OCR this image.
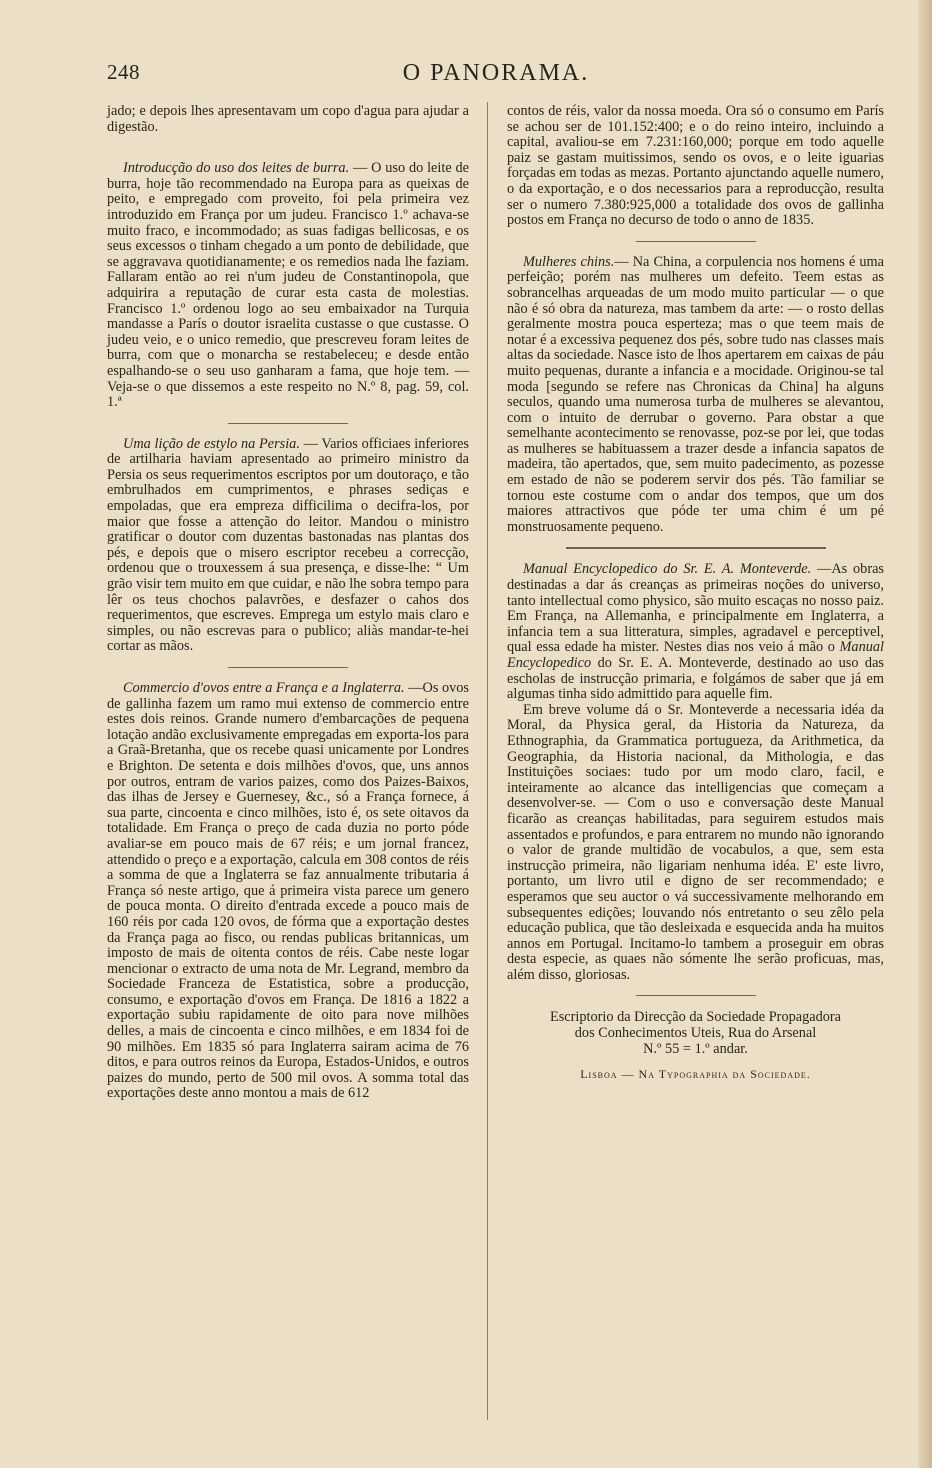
248	O PANORAMA.

jado; e depois lhes apresentavam um copo d'agua para ajudar a digestão.

Introducção do uso dos leites de burra. — O uso do leite de burra, hoje tão recommendado na Europa para as queixas de peito, e empregado com proveito, foi pela primeira vez introduzido em França por um judeu. Francisco 1.º achava-se muito fraco, e incommodado; as suas fadigas bellicosas, e os seus excessos o tinham chegado a um ponto de debilidade, que se aggravava quotidianamente; e os remedios nada lhe faziam. Fallaram então ao rei n'um judeu de Constantinopola, que adquirira a reputação de curar esta casta de molestias. Francisco 1.º ordenou logo ao seu embaixador na Turquia mandasse a París o doutor israelita custasse o que custasse. O judeu veio, e o unico remedio, que prescreveu foram leites de burra, com que o monarcha se restabeleceu; e desde então espalhando-se o seu uso ganharam a fama, que hoje tem. — Veja-se o que dissemos a este respeito no N.º 8, pag. 59, col. 1.ª

Uma lição de estylo na Persia. — Varios officiaes inferiores de artilharia haviam apresentado ao primeiro ministro da Persia os seus requerimentos escriptos por um doutoraço, e tão embrulhados em cumprimentos, e phrases sediças e empoladas, que era empreza difficilima o decifra-los, por maior que fosse a attenção do leitor. Mandou o ministro gratificar o doutor com duzentas bastonadas nas plantas dos pés, e depois que o misero escriptor recebeu a correcção, ordenou que o trouxessem á sua presença, e disse-lhe: “ Um grão visir tem muito em que cuidar, e não lhe sobra tempo para lêr os teus chochos palavrões, e desfazer o cahos dos requerimentos, que escreves. Emprega um estylo mais claro e simples, ou não escrevas para o publico; aliàs mandar-te-hei cortar as mãos.

Commercio d'ovos entre a França e a Inglaterra. —Os ovos de gallinha fazem um ramo mui extenso de commercio entre estes dois reinos. Grande numero d'embarcações de pequena lotação andão exclusivamente empregadas em exporta-los para a Graã-Bretanha, que os recebe quasi unicamente por Londres e Brighton. De setenta e dois milhões d'ovos, que, uns annos por outros, entram de varios paizes, como dos Paizes-Baixos, das ilhas de Jersey e Guernesey, &c., só a França fornece, á sua parte, cincoenta e cinco milhões, isto é, os sete oitavos da totalidade. Em França o preço de cada duzia no porto póde avaliar-se em pouco mais de 67 réis; e um jornal francez, attendido o preço e a exportação, calcula em 308 contos de réis a somma de que a Inglaterra se faz annualmente tributaria á França só neste artigo, que á primeira vista parece um genero de pouca monta. O direito d'entrada excede a pouco mais de 160 réis por cada 120 ovos, de fórma que a exportação destes da França paga ao fisco, ou rendas publicas britannicas, um imposto de mais de oitenta contos de réis. Cabe neste logar mencionar o extracto de uma nota de Mr. Legrand, membro da Sociedade Franceza de Estatistica, sobre a producção, consumo, e exportação d'ovos em França. De 1816 a 1822 a exportação subiu rapidamente de oito para nove milhões delles, a mais de cincoenta e cinco milhões, e em 1834 foi de 90 milhões. Em 1835 só para Inglaterra sairam acima de 76 ditos, e para outros reinos da Europa, Estados-Unidos, e outros paizes do mundo, perto de 500 mil ovos. A somma total das exportações deste anno montou a mais de 612

contos de réis, valor da nossa moeda. Ora só o consumo em París se achou ser de 101.152:400; e o do reino inteiro, incluindo a capital, avaliou-se em 7.231:160,000; porque em todo aquelle paiz se gastam muitissimos, sendo os ovos, e o leite iguarias forçadas em todas as mezas. Portanto ajunctando aquelle numero, o da exportação, e o dos necessarios para a reproducção, resulta ser o numero 7.380:925,000 a totalidade dos ovos de gallinha postos em França no decurso de todo o anno de 1835.

Mulheres chins.— Na China, a corpulencia nos homens é uma perfeição; porém nas mulheres um defeito. Teem estas as sobrancelhas arqueadas de um modo muito particular — o que não é só obra da natureza, mas tambem da arte: — o rosto dellas geralmente mostra pouca esperteza; mas o que teem mais de notar é a excessiva pequenez dos pés, sobre tudo nas classes mais altas da sociedade. Nasce isto de lhos apertarem em caixas de páu muito pequenas, durante a infancia e a mocidade. Originou-se tal moda [segundo se refere nas Chronicas da China] ha alguns seculos, quando uma numerosa turba de mulheres se alevantou, com o intuito de derrubar o governo. Para obstar a que semelhante acontecimento se renovasse, poz-se por lei, que todas as mulheres se habituassem a trazer desde a infancia sapatos de madeira, tão apertados, que, sem muito padecimento, as pozesse em estado de não se poderem servir dos pés. Tão familiar se tornou este costume com o andar dos tempos, que um dos maiores attractivos que póde ter uma chim é um pé monstruosamente pequeno.

Manual Encyclopedico do Sr. E. A. Monteverde. —As obras destinadas a dar ás creanças as primeiras noções do universo, tanto intellectual como physico, são muito escaças no nosso paiz. Em França, na Allemanha, e principalmente em Inglaterra, a infancia tem a sua litteratura, simples, agradavel e perceptivel, qual essa edade ha mister. Nestes dias nos veio á mão o Manual Encyclopedico do Sr. E. A. Monteverde, destinado ao uso das escholas de instrucção primaria, e folgámos de saber que já em algumas tinha sido admittido para aquelle fim.

Em breve volume dá o Sr. Monteverde a necessaria idéa da Moral, da Physica geral, da Historia da Natureza, da Ethnographia, da Grammatica portugueza, da Arithmetica, da Geographia, da Historia nacional, da Mithologia, e das Instituições sociaes: tudo por um modo claro, facil, e inteiramente ao alcance das intelligencias que começam a desenvolver-se. — Com o uso e conversação deste Manual ficarão as creanças habilitadas, para seguirem estudos mais assentados e profundos, e para entrarem no mundo não ignorando o valor de grande multidão de vocabulos, a que, sem esta instrucção primeira, não ligariam nenhuma idéa. E' este livro, portanto, um livro util e digno de ser recommendado; e esperamos que seu auctor o vá successivamente melhorando em subsequentes edições; louvando nós entretanto o seu zêlo pela educação publica, que tão desleixada e esquecida anda ha muitos annos em Portugal. Incitamo-lo tambem a proseguir em obras desta especie, as quaes não sómente lhe serão proficuas, mas, além disso, gloriosas.

Escriptorio da Direcção da Sociedade Propagadora
dos Conhecimentos Uteis, Rua do Arsenal
N.º 55 = 1.º andar.
Lisboa — Na Typographia da Sociedade.
